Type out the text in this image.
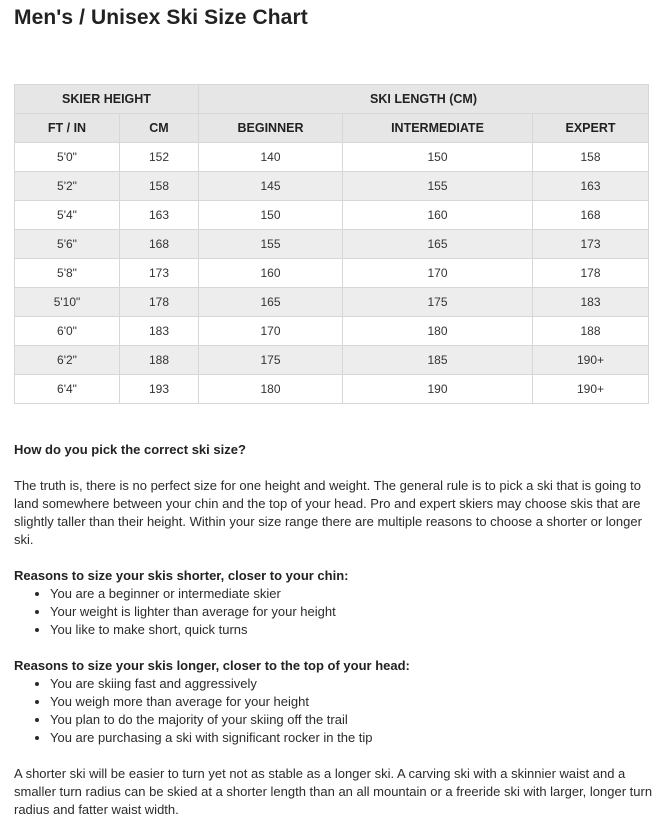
Men's / Unisex Ski Size Chart
SKIER HEIGHT		SKI LENGTH (CM)		
FT / IN	CM	BEGINNER	INTERMEDIATE	EXPERT
5'0"	152	140	150	158
5'2"	158	145	155	163
5'4"	163	150	160	168
5'6"	168	155	165	173
5'8"	173	160	170	178
5'10"	178	165	175	183
6'0"	183	170	180	188
6'2"	188	175	185	190+
6'4"	193	180	190	190+

How do you pick the correct ski size?

The truth is, there is no perfect size for one height and weight. The general rule is to pick a ski that is going to land somewhere between your chin and the top of your head. Pro and expert skiers may choose skis that are slightly taller than their height. Within your size range there are multiple reasons to choose a shorter or longer ski.

Reasons to size your skis shorter, closer to your chin:

• You are a beginner or intermediate skier
• Your weight is lighter than average for your height
• You like to make short, quick turns

Reasons to size your skis longer, closer to the top of your head:

• You are skiing fast and aggressively
• You weigh more than average for your height
• You plan to do the majority of your skiing off the trail
• You are purchasing a ski with significant rocker in the tip

A shorter ski will be easier to turn yet not as stable as a longer ski. A carving ski with a skinnier waist and a smaller turn radius can be skied at a shorter length than an all mountain or a freeride ski with larger, longer turn radius and fatter waist width.
